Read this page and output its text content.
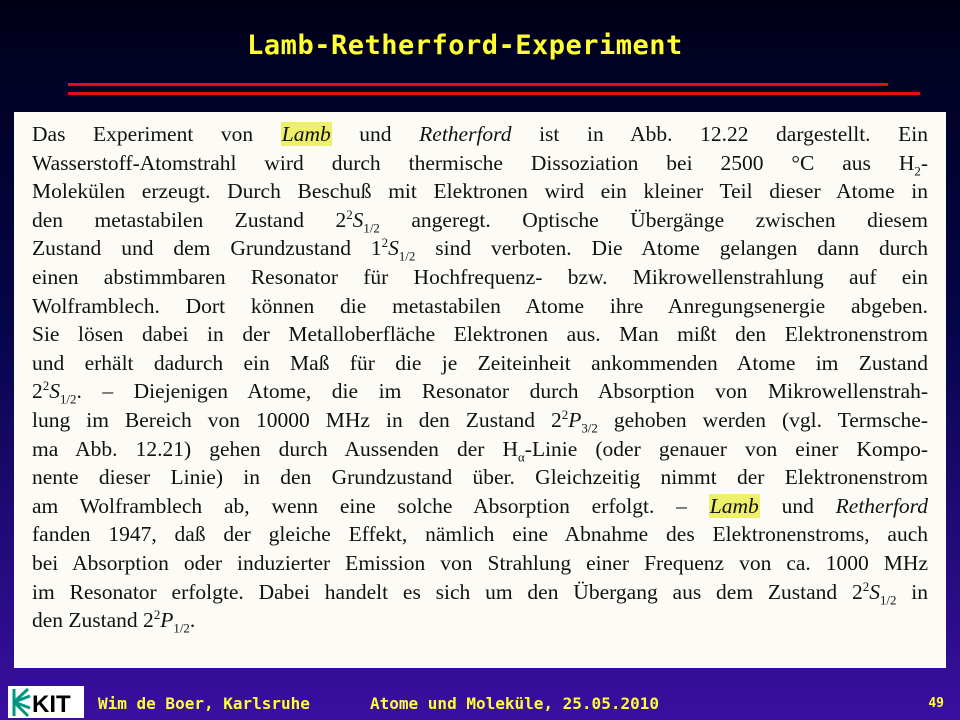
Lamb-Retherford-Experiment
Das Experiment von Lamb und Retherford ist in Abb. 12.22 dargestellt. Ein
Wasserstoff-Atomstrahl wird durch thermische Dissoziation bei 2500 °C aus $H_2-$
Molekülen erzeugt. Durch Beschuß mit Elektronen wird ein kleiner Teil dieser Atome in
den metastabilen Zustand $2^2S_{1/2}$ angeregt. Optische Übergänge zwischen diesem
Zustand und dem Grundzustand $1^2S_{1/2}$ sind verboten. Die Atome gelangen dann durch
einen abstimmbaren Resonator für Hochfrequenz- bzw. Mikrowellenstrahlung auf ein
Wolframblech. Dort können die metastabilen Atome ihre Anregungsenergie abgeben.
Sie lösen dabei in der Metalloberfläche Elektronen aus. Man mißt den Elektronenstrom
und erhält dadurch ein Maß für die je Zeiteinheit ankommenden Atome im Zustand
$2^2S_{1/2}$. – Diejenigen Atome, die im Resonator durch Absorption von Mikrowellenstrah-
lung im Bereich von 10000 MHz in den Zustand $2^2P_{3/2}$ gehoben werden (vgl. Termsche-
ma Abb. 12.21) gehen durch Aussenden der $H_\alpha$-Linie (oder genauer von einer Kompo-
nente dieser Linie) in den Grundzustand über. Gleichzeitig nimmt der Elektronenstrom
am Wolframblech ab, wenn eine solche Absorption erfolgt. – Lamb und Retherford
fanden 1947, daß der gleiche Effekt, nämlich eine Abnahme des Elektronenstroms, auch
bei Absorption oder induzierter Emission von Strahlung einer Frequenz von ca. 1000 MHz
im Resonator erfolgte. Dabei handelt es sich um den Übergang aus dem Zustand $2^2S_{1/2}$ in
den Zustand $2^2P_{1/2}$.
KIT Wim de Boer, Karlsruhe	Atome und Moleküle, 25.05.2010	49
